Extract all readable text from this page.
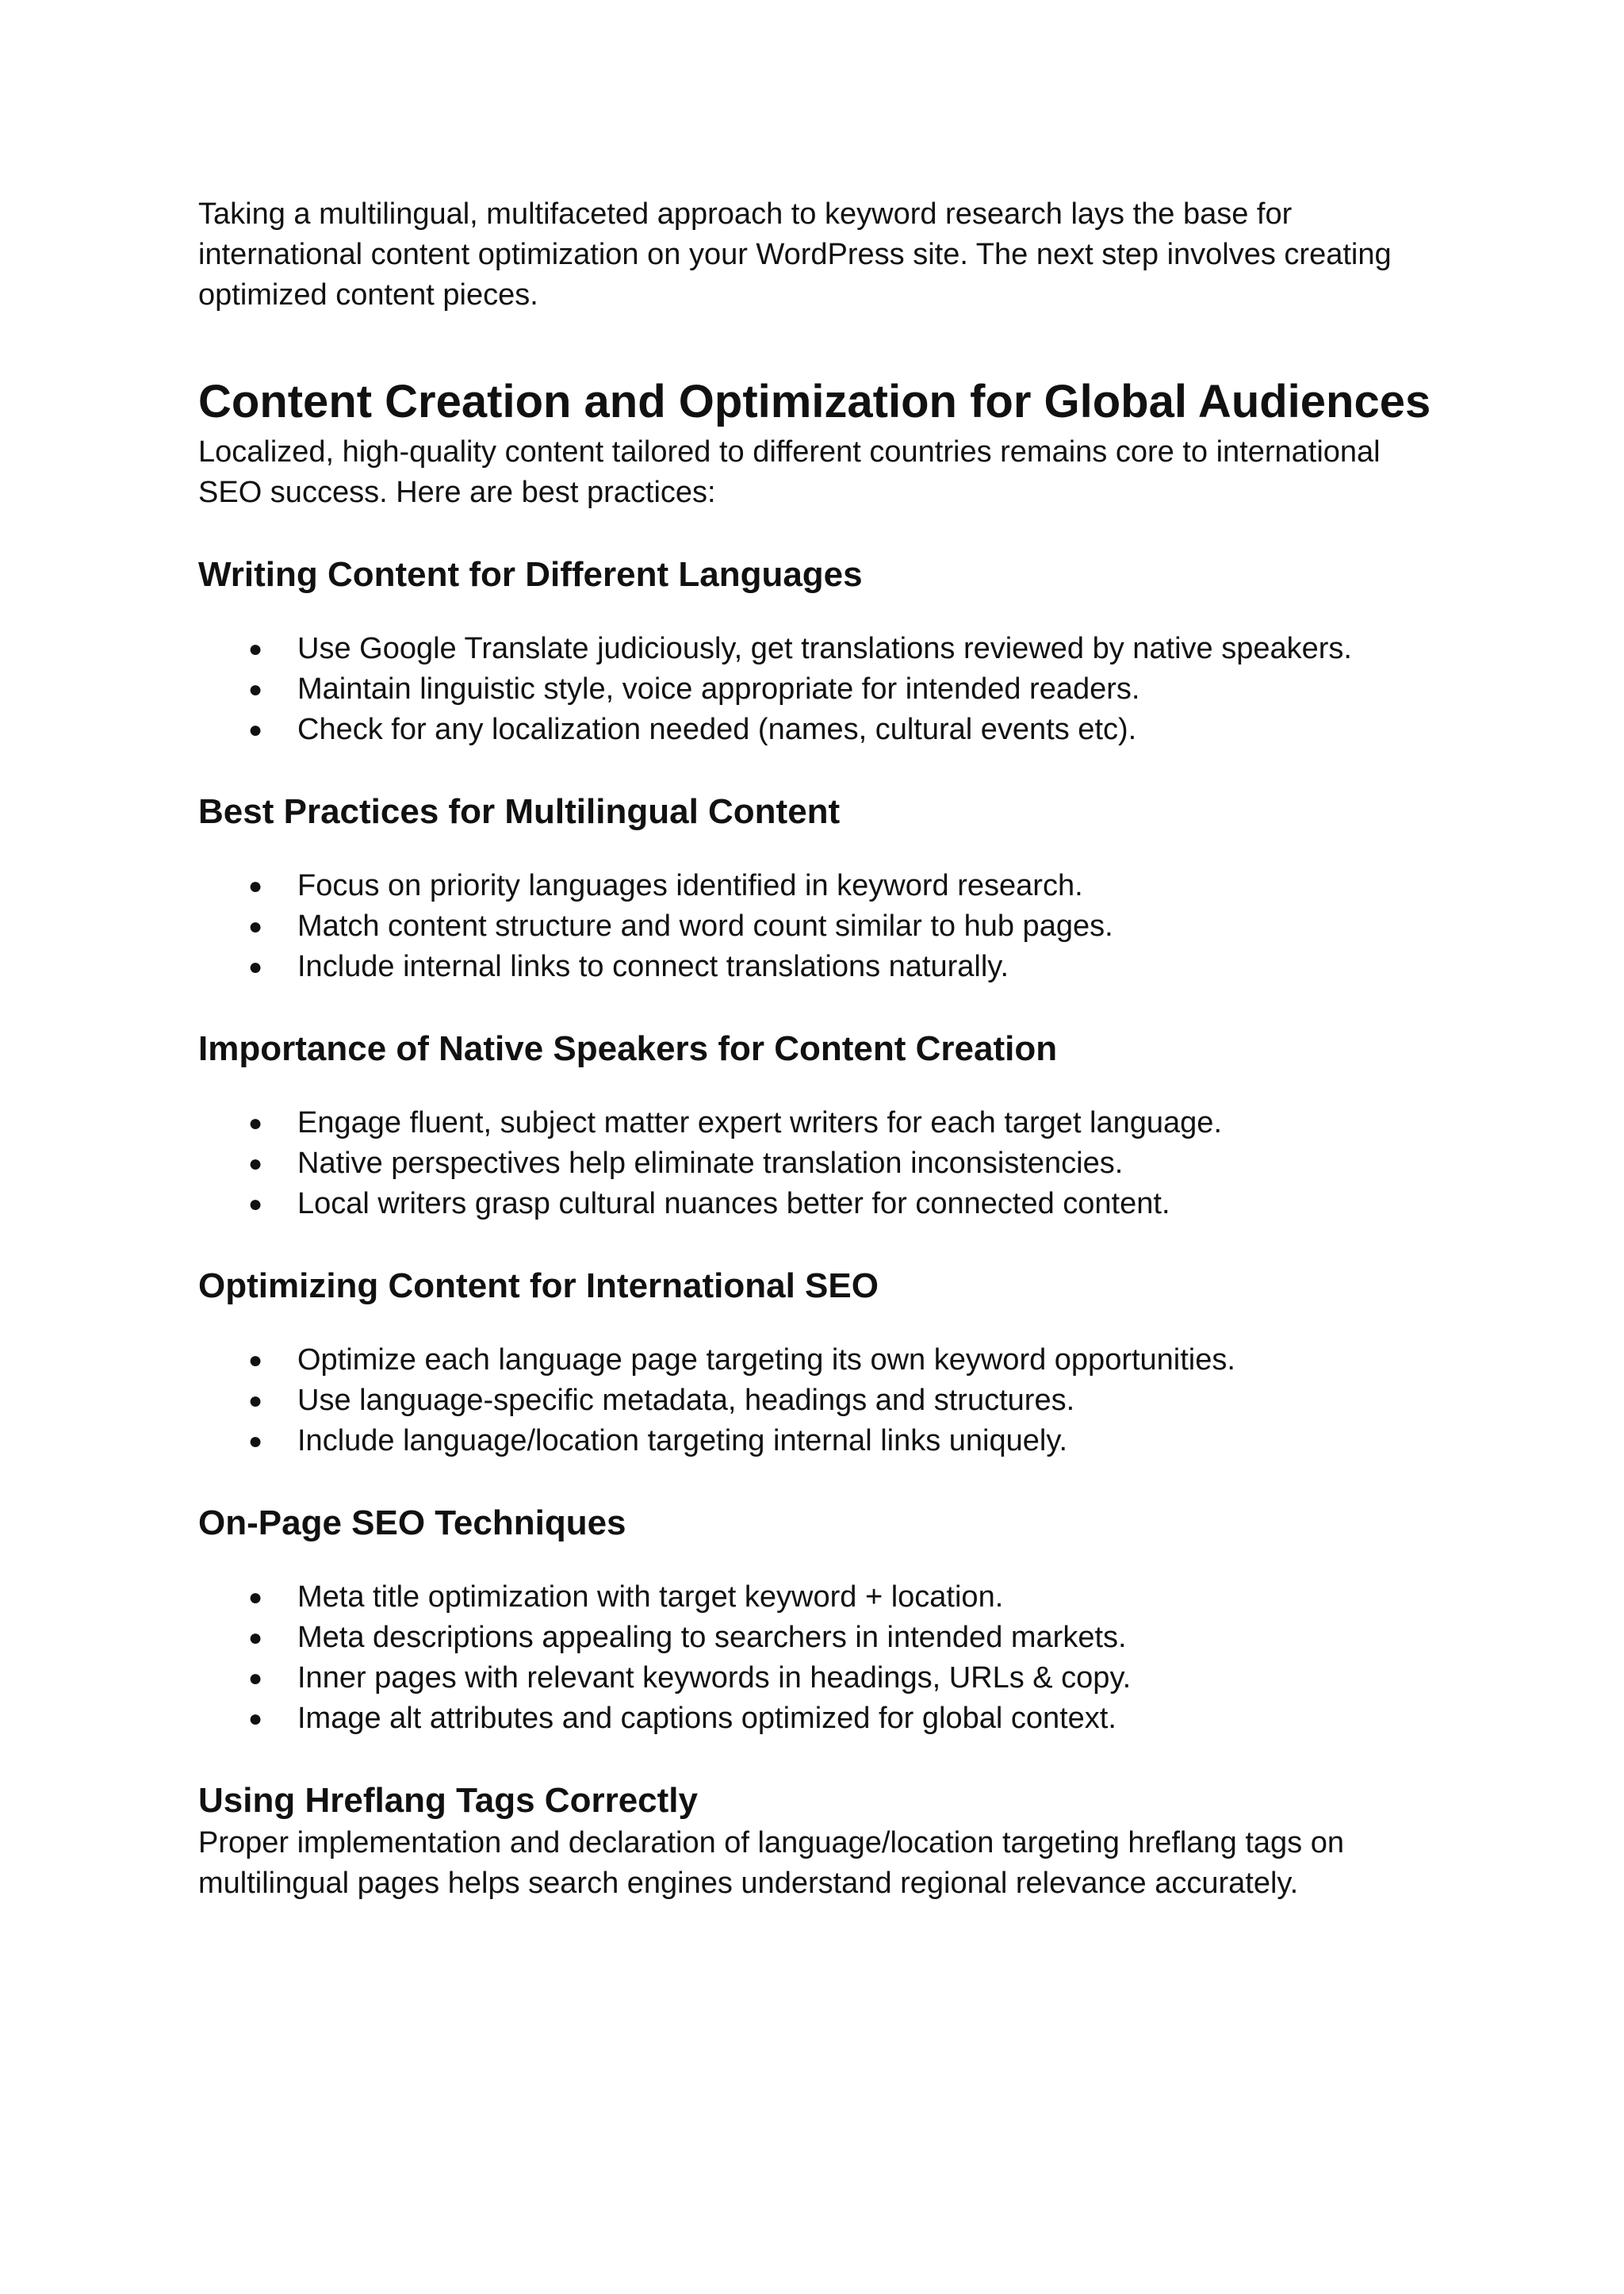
Taking a multilingual, multifaceted approach to keyword research lays the base for international content optimization on your WordPress site. The next step involves creating optimized content pieces.

Content Creation and Optimization for Global Audiences

Localized, high-quality content tailored to different countries remains core to international SEO success. Here are best practices:

Writing Content for Different Languages
● Use Google Translate judiciously, get translations reviewed by native speakers.
● Maintain linguistic style, voice appropriate for intended readers.
● Check for any localization needed (names, cultural events etc).
Best Practices for Multilingual Content
● Focus on priority languages identified in keyword research.
● Match content structure and word count similar to hub pages.
● Include internal links to connect translations naturally.
Importance of Native Speakers for Content Creation
● Engage fluent, subject matter expert writers for each target language.
● Native perspectives help eliminate translation inconsistencies.
● Local writers grasp cultural nuances better for connected content.
Optimizing Content for International SEO
● Optimize each language page targeting its own keyword opportunities.
● Use language-specific metadata, headings and structures.
● Include language/location targeting internal links uniquely.
On-Page SEO Techniques
● Meta title optimization with target keyword + location.
● Meta descriptions appealing to searchers in intended markets.
● Inner pages with relevant keywords in headings, URLs & copy.
● Image alt attributes and captions optimized for global context.
Using Hreflang Tags Correctly

Proper implementation and declaration of language/location targeting hreflang tags on multilingual pages helps search engines understand regional relevance accurately.
